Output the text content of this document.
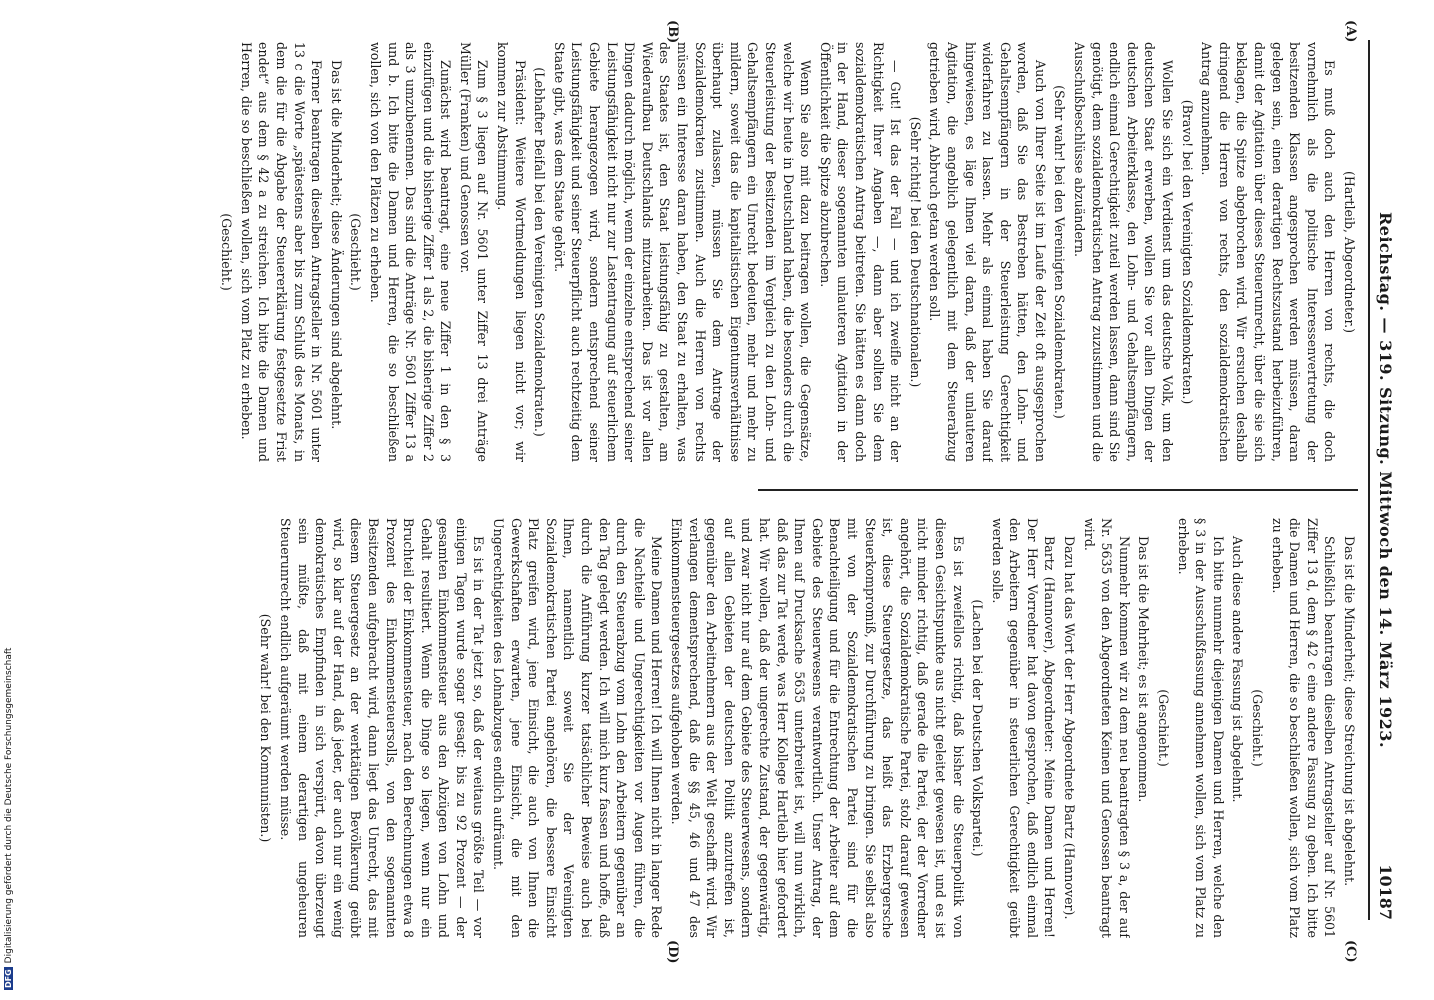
DFGDigitalisierung gefördert durch die Deutsche Forschungsgemeinschaft
Reichstag. — 319. Sitzung. Mittwoch den 14. März 1923.
10187
(A)
(B)
(C)
(D)

(Hartleib, Abgeordneter.)

Es muß doch auch den Herren von rechts, die doch vornehmlich als die politische Interessenvertretung der besitzenden Klassen angesprochen werden müssen, daran gelegen sein, einen derartigen Rechtszustand herbeizuführen, damit der Agitation über dieses Steuerunrecht, über die sie sich beklagen, die Spitze abgebrochen wird. Wir ersuchen deshalb dringend die Herren von rechts, den sozialdemokratischen Antrag anzunehmen.

(Bravo! bei den Vereinigten Sozialdemokraten.)

Wollen Sie sich ein Verdienst um das deutsche Volk, um den deutschen Staat erwerben, wollen Sie vor allen Dingen der deutschen Arbeiterklasse, den Lohn- und Gehaltsempfängern, endlich einmal Gerechtigkeit zuteil werden lassen, dann sind Sie genötigt, dem sozialdemokratischen Antrag zuzustimmen und die Ausschußbeschlüsse abzuändern.

(Sehr wahr! bei den Vereinigten Sozialdemokraten.)

Auch von Ihrer Seite ist im Laufe der Zeit oft ausgesprochen worden, daß Sie das Bestreben hätten, den Lohn- und Gehaltsempfängern in der Steuerleistung Gerechtigkeit widerfahren zu lassen. Mehr als einmal haben Sie darauf hingewiesen, es läge Ihnen viel daran, daß der unlauteren Agitation, die angeblich gelegentlich mit dem Steuerabzug getrieben wird, Abbruch getan werden soll.

(Sehr richtig! bei den Deutschnationalen.)

— Gut! Ist das der Fall — und ich zweifle nicht an der Richtigkeit Ihrer Angaben —, dann aber sollten Sie dem sozialdemokratischen Antrag beitreten. Sie hätten es dann doch in der Hand, dieser sogenannten unlauteren Agitation in der Öffentlichkeit die Spitze abzubrechen.

Wenn Sie also mit dazu beitragen wollen, die Gegensätze, welche wir heute in Deutschland haben, die besonders durch die Steuerleistung der Besitzenden im Vergleich zu den Lohn- und Gehaltsempfängern ein Unrecht bedeuten, mehr und mehr zu mildern, soweit das die kapitalistischen Eigentumsverhältnisse überhaupt zulassen, müssen Sie dem Antrage der Sozialdemokraten zustimmen. Auch die Herren von rechts müssen ein Interesse daran haben, den Staat zu erhalten, was des Staates ist, den Staat leistungsfähig zu gestalten, am Wiederaufbau Deutschlands mitzuarbeiten. Das ist vor allen Dingen dadurch möglich, wenn der einzelne entsprechend seiner Leistungsfähigkeit nicht nur zur Lastentragung auf steuerlichem Gebiete herangezogen wird, sondern entsprechend seiner Leistungsfähigkeit und seiner Steuerpflicht auch rechtzeitig dem Staate gibt, was dem Staate gehört.

(Lebhafter Beifall bei den Vereinigten Sozialdemokraten.)

Präsident: Weitere Wortmeldungen liegen nicht vor; wir kommen zur Abstimmung.

Zum § 3 liegen auf Nr. 5601 unter Ziffer 13 drei Anträge Müller (Franken) und Genossen vor.

Zunächst wird beantragt, eine neue Ziffer 1 in den § 3 einzufügen und die bisherige Ziffer 1 als 2, die bisherige Ziffer 2 als 3 umzubenennen. Das sind die Anträge Nr. 5601 Ziffer 13 a und b. Ich bitte die Damen und Herren, die so beschließen wollen, sich von den Plätzen zu erheben.

(Geschieht.)

Das ist die Minderheit; diese Änderungen sind abgelehnt.

Ferner beantragen dieselben Antragsteller in Nr. 5601 unter 13 c die Worte „spätestens aber bis zum Schluß des Monats, in dem die für die Abgabe der Steuererklärung festgesetzte Frist endet“ aus dem § 42 a zu streichen. Ich bitte die Damen und Herren, die so beschließen wollen, sich vom Platz zu erheben.

(Geschieht.)

Das ist die Minderheit; diese Streichung ist abgelehnt.

Schließlich beantragen dieselben Antragsteller auf Nr. 5601 Ziffer 13 d, dem § 42 c eine andere Fassung zu geben. Ich bitte die Damen und Herren, die so beschließen wollen, sich vom Platz zu erheben.

(Geschieht.)

Auch diese andere Fassung ist abgelehnt.

Ich bitte nunmehr diejenigen Damen und Herren, welche den § 3 in der Ausschußfassung annehmen wollen, sich vom Platz zu erheben.

(Geschieht.)

Das ist die Mehrheit; es ist angenommen.

Nunmehr kommen wir zu dem neu beantragten § 3 a, der auf Nr. 5635 von den Abgeordneten Keinen und Genossen beantragt wird.

Dazu hat das Wort der Herr Abgeordnete Bartz (Hannover).

Bartz (Hannover), Abgeordneter: Meine Damen und Herren! Der Herr Vorredner hat davon gesprochen, daß endlich einmal den Arbeitern gegenüber in steuerlichen Gerechtigkeit geübt werden solle.

(Lachen bei der Deutschen Volkspartei.)

Es ist zweifellos richtig, daß bisher die Steuerpolitik von diesen Gesichtspunkte aus nicht geleitet gewesen ist, und es ist nicht minder richtig, daß gerade die Partei, der der Vorredner angehört, die Sozialdemokratische Partei, stolz darauf gewesen ist, diese Steuergesetze, das heißt das Erzbergersche Steuerkompromiß, zur Durchführung zu bringen. Sie selbst also mit von der Sozialdemokratischen Partei sind für die Benachteiligung und für die Entrechtung der Arbeiter auf dem Gebiete des Steuerwesens verantwortlich. Unser Antrag, der Ihnen auf Drucksache 5635 unterbreitet ist, will nun wirklich, daß das zur Tat werde, was Herr Kollege Hartleib hier gefordert hat. Wir wollen, daß der ungerechte Zustand, der gegenwärtig, und zwar nicht nur auf dem Gebiete des Steuerwesens, sondern auf allen Gebieten der deutschen Politik anzutreffen ist, gegenüber den Arbeitnehmern aus der Welt geschafft wird. Wir verlangen dementsprechend, daß die §§ 45, 46 und 47 des Einkommensteuergesetzes aufgehoben werden.

Meine Damen und Herren! Ich will Ihnen nicht in langer Rede die Nachteile und Ungerechtigkeiten vor Augen führen, die durch den Steuerabzug vom Lohn den Arbeitern gegenüber an den Tag gelegt werden. Ich will mich kurz fassen und hoffe, daß durch die Anführung kurzer tatsächlicher Beweise auch bei Ihnen, namentlich soweit Sie der Vereinigten Sozialdemokratischen Partei angehören, die bessere Einsicht Platz greifen wird, jene Einsicht, die auch von Ihnen die Gewerkschaften erwarten, jene Einsicht, die mit den Ungerechtigkeiten des Lohnabzuges endlich aufräumt.

Es ist in der Tat jetzt so, daß der weitaus größte Teil — vor einigen Tagen wurde sogar gesagt: bis zu 92 Prozent — der gesamten Einkommensteuer aus den Abzügen von Lohn und Gehalt resultiert. Wenn die Dinge so liegen, wenn nur ein Bruchteil der Einkommensteuer, nach den Berechnungen etwa 8 Prozent des Einkommensteuersolls, von den sogenannten Besitzenden aufgebracht wird, dann liegt das Unrecht, das mit diesem Steuergesetz an der werktätigen Bevölkerung geübt wird, so klar auf der Hand, daß jeder, der auch nur ein wenig demokratisches Empfinden in sich verspürt, davon überzeugt sein müßte, daß mit einem derartigen ungeheuren Steuerunrecht endlich aufgeräumt werden müsse.

(Sehr wahr! bei den Kommunisten.)
